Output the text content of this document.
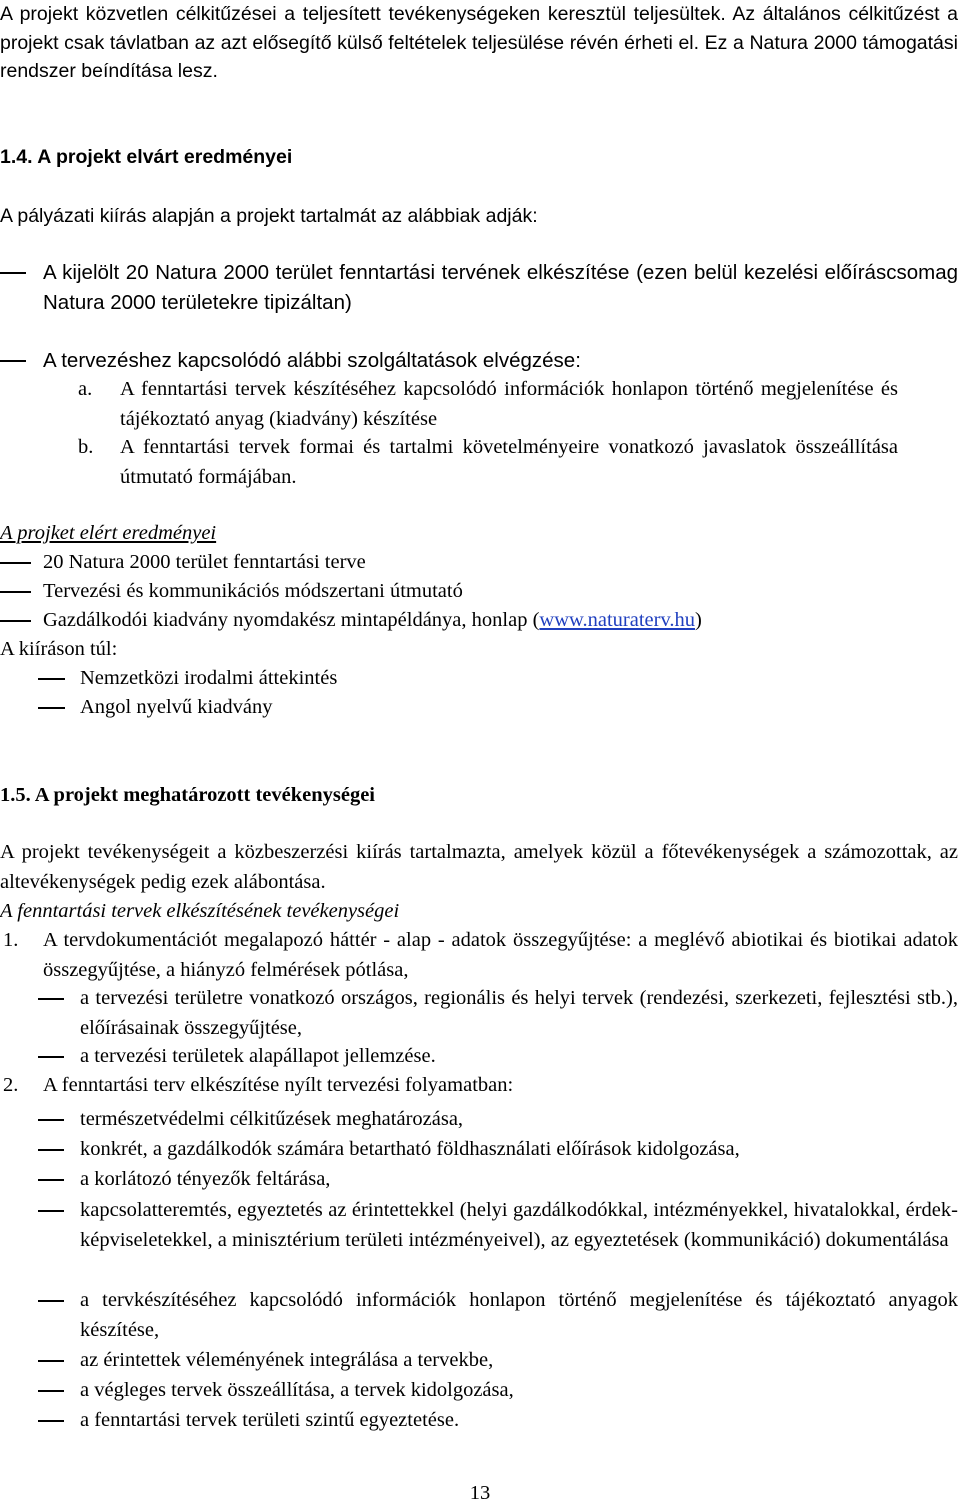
A projekt közvetlen célkitűzései a teljesített tevékenységeken keresztül teljesültek. Az általános célkitűzést a projekt csak távlatban az azt elősegítő külső feltételek teljesülése révén érheti el. Ez a Natura 2000 támogatási rendszer beíndítása lesz.

1.4. A projekt elvárt eredményei

A pályázati kiírás alapján a projekt tartalmát az alábbiak adják:

A kijelölt 20 Natura 2000 terület fenntartási tervének elkészítése (ezen belül kezelési előíráscsomag Natura 2000 területekre tipizáltan)
A tervezéshez kapcsolódó alábbi szolgáltatások elvégzése:
a.	A fenntartási tervek készítéséhez kapcsolódó információk honlapon történő megjelenítése és tájékoztató anyag (kiadvány) készítése
b.	A fenntartási tervek formai és tartalmi követelményeire vonatkozó javaslatok összeállítása útmutató formájában.

A projket elért eredményei

20 Natura 2000 terület fenntartási terve
Tervezési és kommunikációs módszertani útmutató
Gazdálkodói kiadvány nyomdakész mintapéldánya, honlap (www.naturaterv.hu)

A kiíráson túl:

Nemzetközi irodalmi áttekintés
Angol nyelvű kiadvány

1.5. A projekt meghatározott tevékenységei

A projekt tevékenységeit a közbeszerzési kiírás tartalmazta, amelyek közül a főtevékenységek a számozottak, az altevékenységek pedig ezek alábontása.

A fenntartási tervek elkészítésének tevékenységei

1.	A tervdokumentációt megalapozó háttér - alap - adatok összegyűjtése: a meglévő abiotikai és biotikai adatok összegyűjtése, a hiányzó felmérések pótlása,
a tervezési területre vonatkozó országos, regionális és helyi tervek (rendezési, szerkezeti, fejlesztési stb.), előírásainak összegyűjtése,
a tervezési területek alapállapot jellemzése.
2.	A fenntartási terv elkészítése nyílt tervezési folyamatban:
természetvédelmi célkitűzések meghatározása,
konkrét, a gazdálkodók számára betartható földhasználati előírások kidolgozása,
a korlátozó tényezők feltárása,
kapcsolatteremtés, egyeztetés az érintettekkel (helyi gazdálkodókkal, intézményekkel, hivatalokkal, érdek-képviseletekkel, a minisztérium területi intézményeivel), az egyeztetések (kommunikáció) dokumentálása
a tervkészítéséhez kapcsolódó információk honlapon történő megjelenítése és tájékoztató anyagok készítése,
az érintettek véleményének integrálása a tervekbe,
a végleges tervek összeállítása, a tervek kidolgozása,
a fenntartási tervek területi szintű egyeztetése.
13
